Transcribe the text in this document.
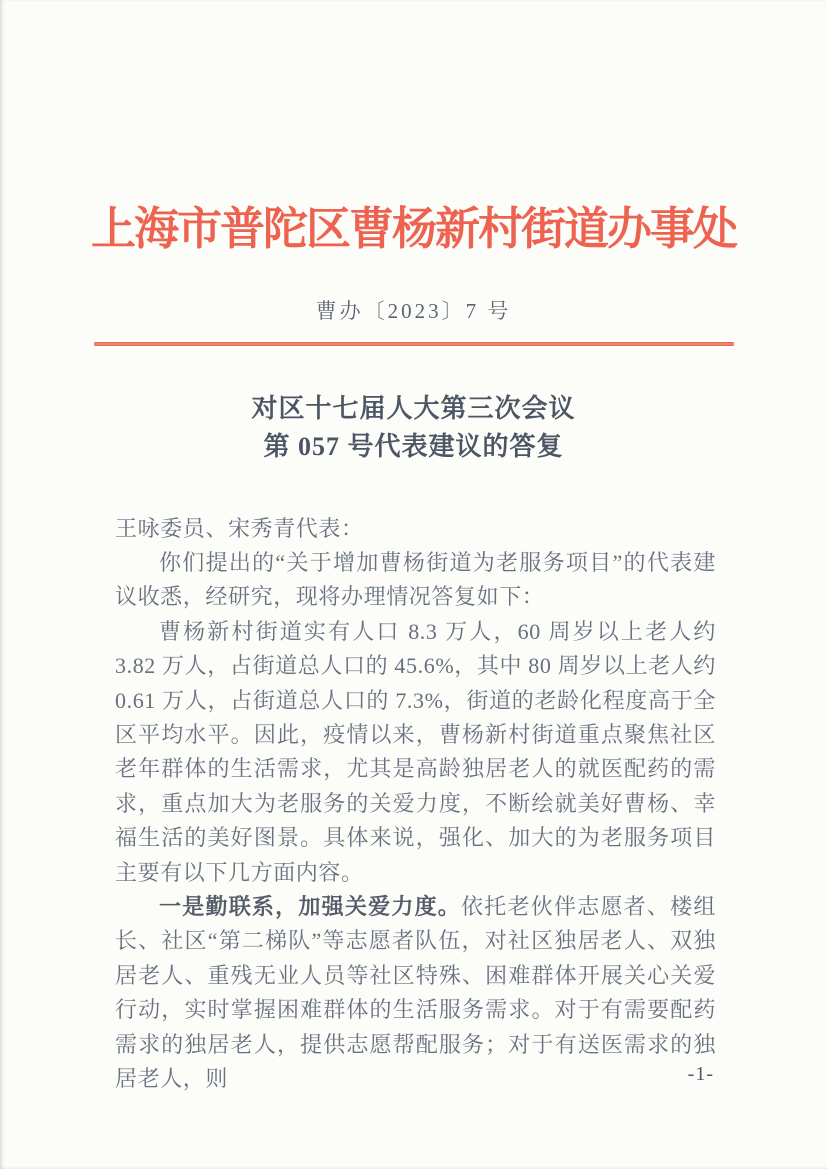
上海市普陀区曹杨新村街道办事处
曹办〔2023〕7 号
对区十七届人大第三次会议
第 057 号代表建议的答复

王咏委员、宋秀青代表：

你们提出的“关于增加曹杨街道为老服务项目”的代表建议收悉，经研究，现将办理情况答复如下：

曹杨新村街道实有人口 8.3 万人，60 周岁以上老人约 3.82 万人，占街道总人口的 45.6%，其中 80 周岁以上老人约 0.61 万人，占街道总人口的 7.3%，街道的老龄化程度高于全区平均水平。因此，疫情以来，曹杨新村街道重点聚焦社区老年群体的生活需求，尤其是高龄独居老人的就医配药的需求，重点加大为老服务的关爱力度，不断绘就美好曹杨、幸福生活的美好图景。具体来说，强化、加大的为老服务项目主要有以下几方面内容。

一是勤联系，加强关爱力度。依托老伙伴志愿者、楼组长、社区“第二梯队”等志愿者队伍，对社区独居老人、双独居老人、重残无业人员等社区特殊、困难群体开展关心关爱行动，实时掌握困难群体的生活服务需求。对于有需要配药需求的独居老人，提供志愿帮配服务；对于有送医需求的独居老人，则	-1-
